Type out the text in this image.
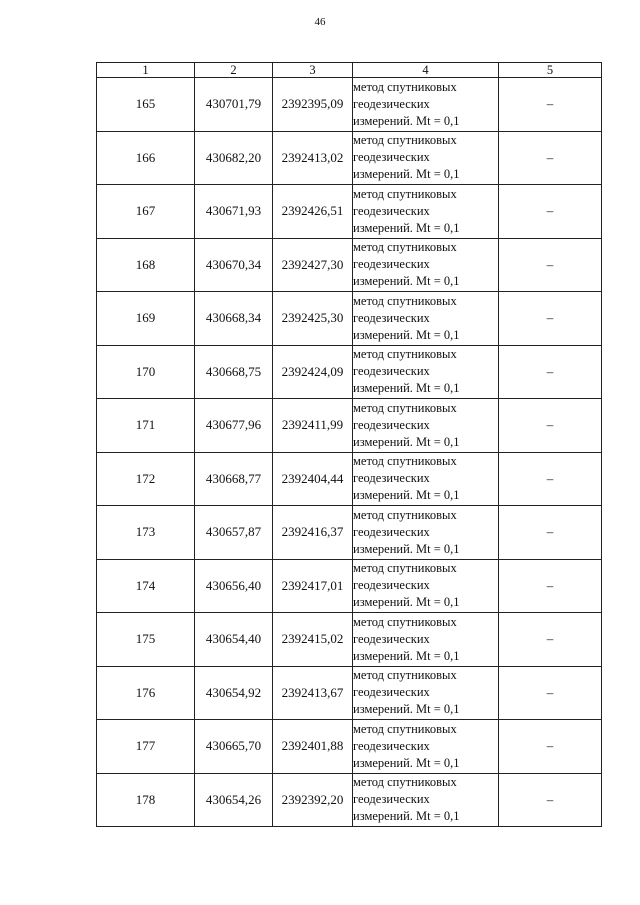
46
1	2	3	4	5
165	430701,79	2392395,09	метод спутниковых
геодезических
измерений. Mt = 0,1	–
166	430682,20	2392413,02	метод спутниковых
геодезических
измерений. Mt = 0,1	–
167	430671,93	2392426,51	метод спутниковых
геодезических
измерений. Mt = 0,1	–
168	430670,34	2392427,30	метод спутниковых
геодезических
измерений. Mt = 0,1	–
169	430668,34	2392425,30	метод спутниковых
геодезических
измерений. Mt = 0,1	–
170	430668,75	2392424,09	метод спутниковых
геодезических
измерений. Mt = 0,1	–
171	430677,96	2392411,99	метод спутниковых
геодезических
измерений. Mt = 0,1	–
172	430668,77	2392404,44	метод спутниковых
геодезических
измерений. Mt = 0,1	–
173	430657,87	2392416,37	метод спутниковых
геодезических
измерений. Mt = 0,1	–
174	430656,40	2392417,01	метод спутниковых
геодезических
измерений. Mt = 0,1	–
175	430654,40	2392415,02	метод спутниковых
геодезических
измерений. Mt = 0,1	–
176	430654,92	2392413,67	метод спутниковых
геодезических
измерений. Mt = 0,1	–
177	430665,70	2392401,88	метод спутниковых
геодезических
измерений. Mt = 0,1	–
178	430654,26	2392392,20	метод спутниковых
геодезических
измерений. Mt = 0,1	–
